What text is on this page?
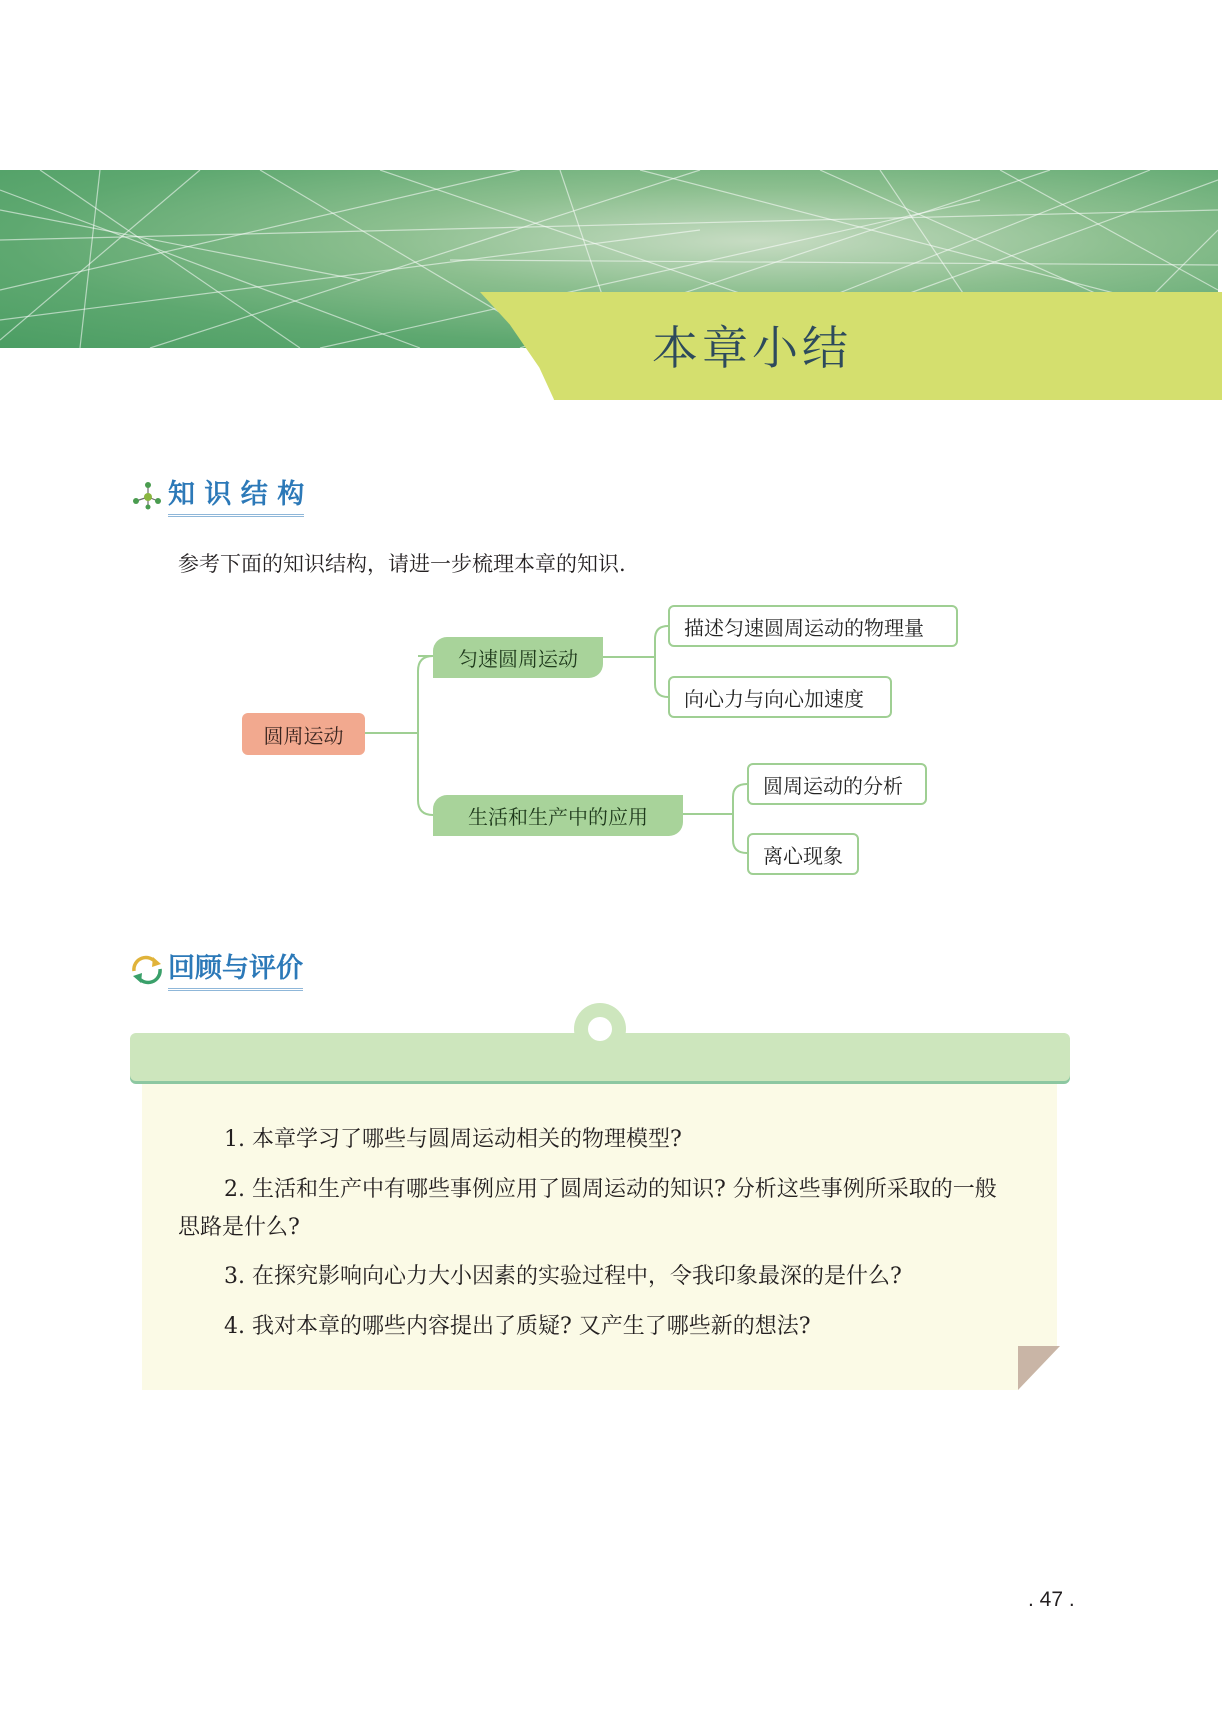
本章小结
知 识 结 构
参考下面的知识结构，请进一步梳理本章的知识.
圆周运动
匀速圆周运动
生活和生产中的应用
描述匀速圆周运动的物理量
向心力与向心加速度
圆周运动的分析
离心现象
回顾与评价
1. 本章学习了哪些与圆周运动相关的物理模型?
2. 生活和生产中有哪些事例应用了圆周运动的知识? 分析这些事例所采取的一般思路是什么?
3. 在探究影响向心力大小因素的实验过程中，令我印象最深的是什么?
4. 我对本章的哪些内容提出了质疑? 又产生了哪些新的想法?
. 47 .
